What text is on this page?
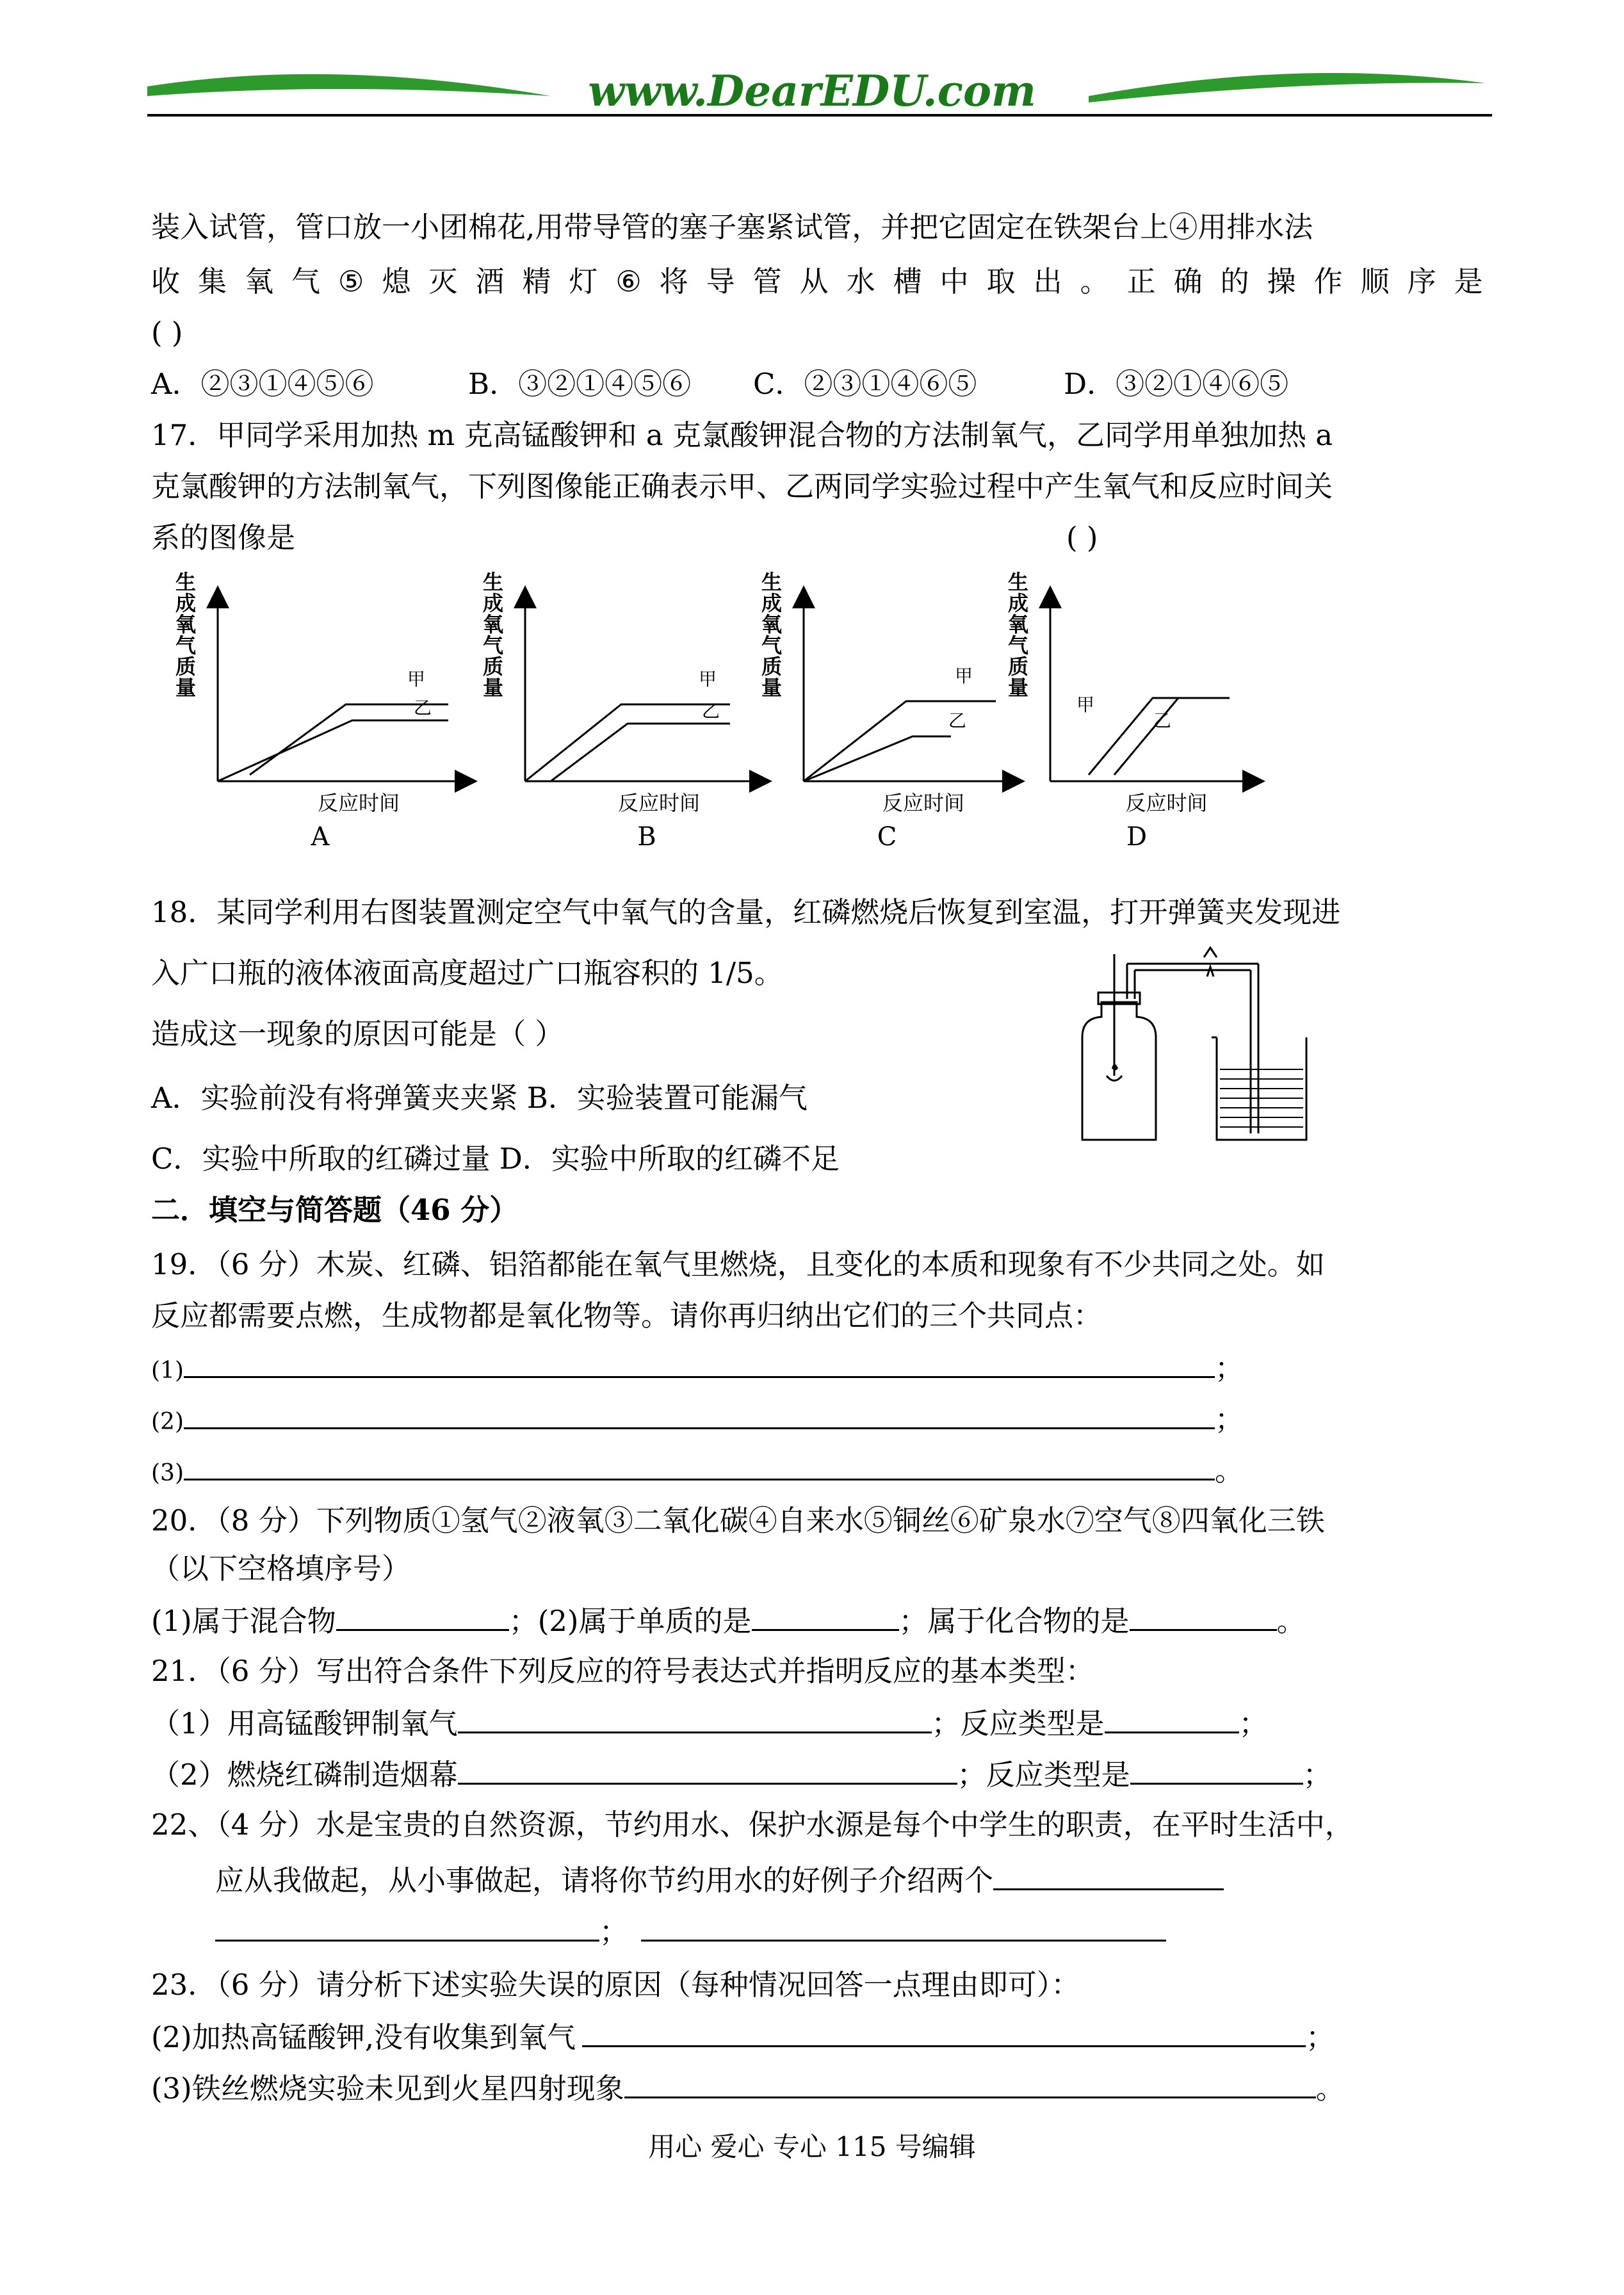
www.DearEDU.com
装入试管，管口放一小团棉花,用带导管的塞子塞紧试管，并把它固定在铁架台上④用排水法
收 集 氧 气 ⑤ 熄 灭 酒 精 灯 ⑥ 将 导 管 从 水 槽 中 取 出 。 正 确 的 操 作 顺 序 是
( )
A．②③①④⑤⑥	B．③②①④⑤⑥ C．②③①④⑥⑤	D．③②①④⑥⑤
17．甲同学采用加热 m 克高锰酸钾和 a 克氯酸钾混合物的方法制氧气，乙同学用单独加热 a
克氯酸钾的方法制氧气，下列图像能正确表示甲、乙两同学实验过程中产生氧气和反应时间关
系的图像是	( )
生
成
氧
气
质
量
反应时间
A
甲
乙
生
成
氧
气
质
量
反应时间
B
甲
乙
生
成
氧
气
质
量
反应时间
C
甲
乙
生
成
氧
气
质
量
反应时间
D
甲
乙
18．某同学利用右图装置测定空气中氧气的含量，红磷燃烧后恢复到室温，打开弹簧夹发现进
入广口瓶的液体液面高度超过广口瓶容积的 1/5。
造成这一现象的原因可能是（ ）
A．实验前没有将弹簧夹夹紧 B．实验装置可能漏气
C．实验中所取的红磷过量 D．实验中所取的红磷不足
二．填空与简答题（46 分）
19．（6 分）木炭、红磷、铝箔都能在氧气里燃烧，且变化的本质和现象有不少共同之处。如
反应都需要点燃，生成物都是氧化物等。请你再归纳出它们的三个共同点：
(1)	；
(2)	；
(3)	。
20．（8 分）下列物质①氢气②液氧③二氧化碳④自来水⑤铜丝⑥矿泉水⑦空气⑧四氧化三铁
（以下空格填序号）
(1)属于混合物	；(2)属于单质的是	；属于化合物的是	。
21．（6 分）写出符合条件下列反应的符号表达式并指明反应的基本类型：
（1）用高锰酸钾制氧气	；反应类型是	；
（2）燃烧红磷制造烟幕	；反应类型是	；
22、（4 分）水是宝贵的自然资源，节约用水、保护水源是每个中学生的职责，在平时生活中，
应从我做起，从小事做起，请将你节约用水的好例子介绍两个
；
23．（6 分）请分析下述实验失误的原因（每种情况回答一点理由即可）：
(2)加热高锰酸钾,没有收集到氧气	；
(3)铁丝燃烧实验未见到火星四射现象	。
用心 爱心 专心 115 号编辑
